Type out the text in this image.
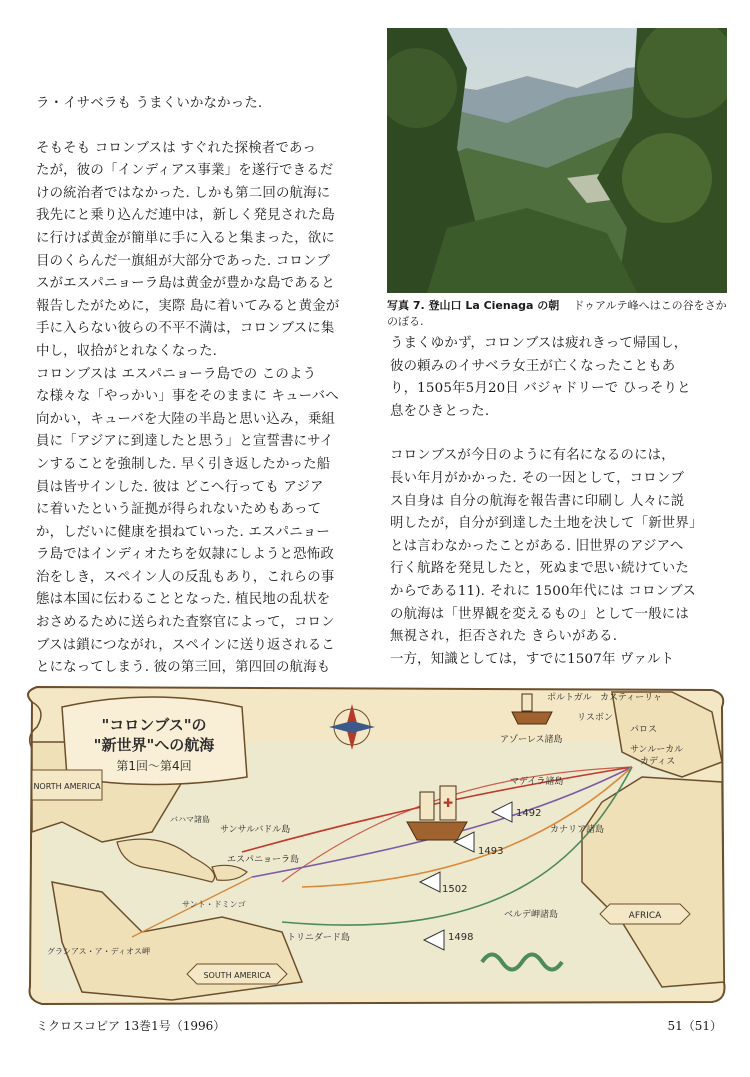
ラ・イサベラも うまくいかなかった.

そもそも コロンブスは すぐれた探検者であっ

たが，彼の「インディアス事業」を遂行できるだ

けの統治者ではなかった. しかも第二回の航海に

我先にと乗り込んだ連中は，新しく発見された島

に行けば黄金が簡単に手に入ると集まった，欲に

目のくらんだ一旗組が大部分であった. コロンブ

スがエスパニョーラ島は黄金が豊かな島であると

報告したがために，実際 島に着いてみると黄金が

手に入らない彼らの不平不満は，コロンブスに集

中し，収拾がとれなくなった.

コロンブスは エスパニョーラ島での このよう

な様々な「やっかい」事をそのままに キューバへ

向かい，キューバを大陸の半島と思い込み，乗組

員に「アジアに到達したと思う」と宣誓書にサイ

ンすることを強制した. 早く引き返したかった船

員は皆サインした. 彼は どこへ行っても アジア

に着いたという証拠が得られないためもあって

か，しだいに健康を損ねていった. エスパニョー

ラ島ではインディオたちを奴隷にしようと恐怖政

治をしき，スペイン人の反乱もあり，これらの事

態は本国に伝わることとなった. 植民地の乱状を

おさめるために送られた査察官によって，コロン

ブスは鎖につながれ，スペインに送り返されるこ

とになってしまう. 彼の第三回，第四回の航海も

写真 7. 登山口 La Cienaga の朝 ドゥアルテ峰へはこの谷をさかのぼる.

うまくゆかず，コロンブスは疲れきって帰国し，

彼の頼みのイサベラ女王が亡くなったこともあ

り，1505年5月20日 バジャドリーで ひっそりと

息をひきとった.

コロンブスが今日のように有名になるのには，

長い年月がかかった. その一因として，コロンブ

ス自身は 自分の航海を報告書に印刷し 人々に説

明したが，自分が到達した土地を決して「新世界」

とは言わなかったことがある. 旧世界のアジアへ

行く航路を発見したと，死ぬまで思い続けていた

からである11). それに 1500年代には コロンブス

の航海は「世界観を変えるもの」として一般には

無視され，拒否された きらいがある.

一方，知識としては，すでに1507年 ヴァルト

✚
"コロンブス"の
"新世界"への航海
第1回〜第4回
NORTH AMERICA
SOUTH AMERICA
AFRICA
ポルトガル カスティーリャ
リスボン
パロス
アゾーレス諸島
サンルーカル
カディス
マデイラ諸島
カナリア諸島
ベルデ岬諸島
バハマ諸島
サンサルバドル島
エスパニョーラ島
サント・ドミンゴ
トリニダード島
グラシアス・ア・ディオス岬
1492
1493
1502
1498
ミクロスコピア 13巻1号（1996）	51（51）
